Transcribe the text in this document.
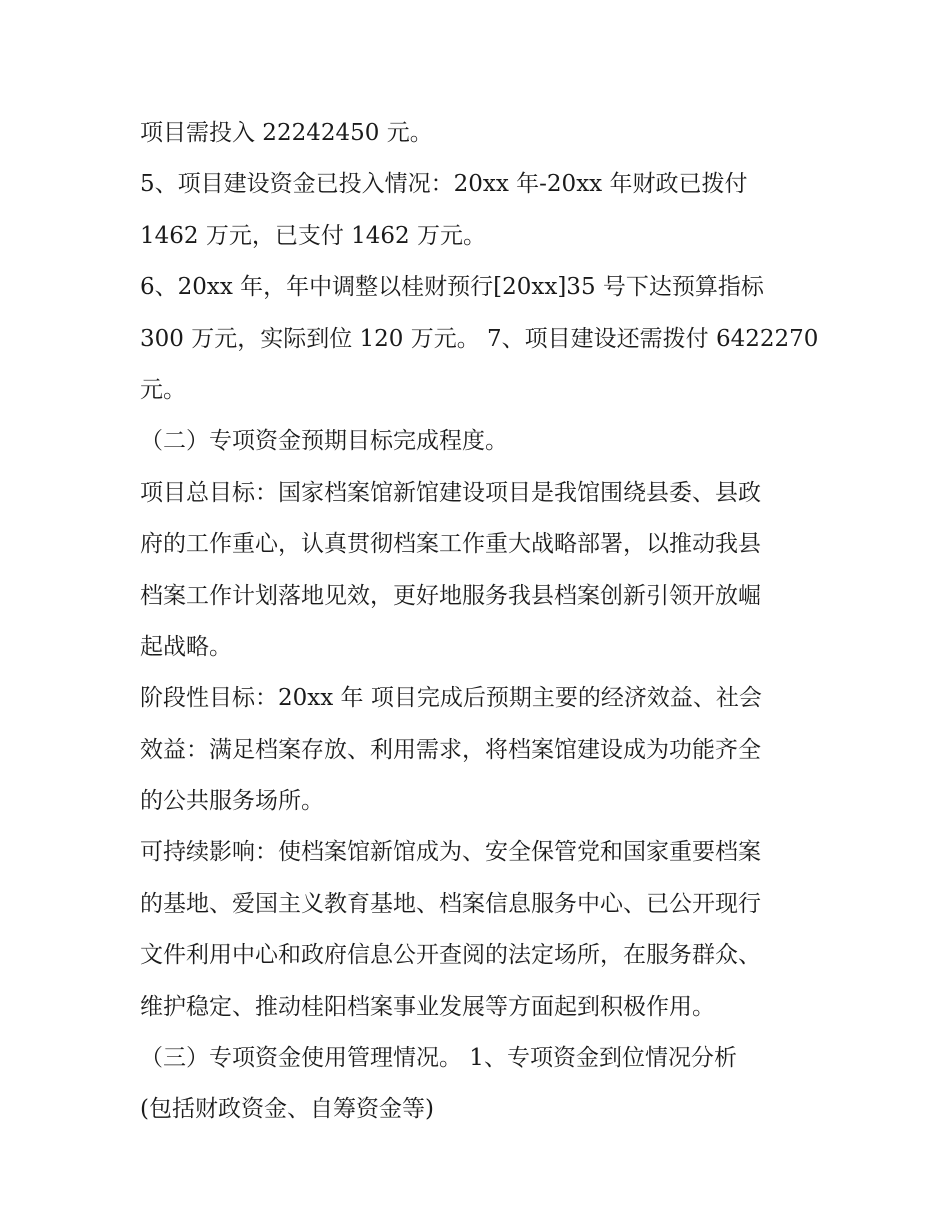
项目需投入 22242450 元。

5、项目建设资金已投入情况：20xx 年-20xx 年财政已拨付

1462 万元，已支付 1462 万元。

6、20xx 年，年中调整以桂财预行[20xx]35 号下达预算指标

300 万元，实际到位 120 万元。 7、项目建设还需拨付 6422270

元。

（二）专项资金预期目标完成程度。

项目总目标：国家档案馆新馆建设项目是我馆围绕县委、县政

府的工作重心，认真贯彻档案工作重大战略部署，以推动我县

档案工作计划落地见效，更好地服务我县档案创新引领开放崛

起战略。

阶段性目标：20xx 年 项目完成后预期主要的经济效益、社会

效益：满足档案存放、利用需求，将档案馆建设成为功能齐全

的公共服务场所。

可持续影响：使档案馆新馆成为、安全保管党和国家重要档案

的基地、爱国主义教育基地、档案信息服务中心、已公开现行

文件利用中心和政府信息公开查阅的法定场所，在服务群众、

维护稳定、推动桂阳档案事业发展等方面起到积极作用。

（三）专项资金使用管理情况。 1、专项资金到位情况分析

(包括财政资金、自筹资金等)
